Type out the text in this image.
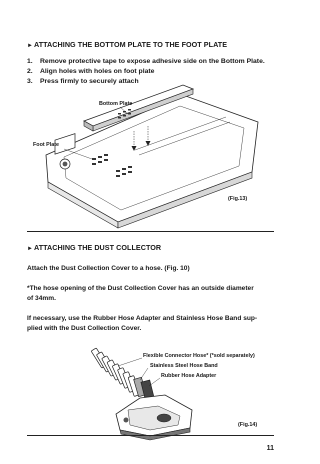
►ATTACHING THE BOTTOM PLATE TO THE FOOT PLATE
1. Remove protective tape to expose adhesive side on the Bottom Plate.
2. Align holes with holes on foot plate
3. Press firmly to securely attach
Bottom Plate
Foot Plate
(Fig.13)
►ATTACHING THE DUST COLLECTOR
Attach the Dust Collection Cover to a hose. (Fig. 10)
*The hose opening of the Dust Collection Cover has an outside diameter
of 34mm.
If necessary, use the Rubber Hose Adapter and Stainless Hose Band sup-
plied with the Dust Collection Cover.
Flexible Connector Hose* (*sold separately)
Stainless Steel Hose Band
Rubber Hose Adapter
(Fig.14)
11
